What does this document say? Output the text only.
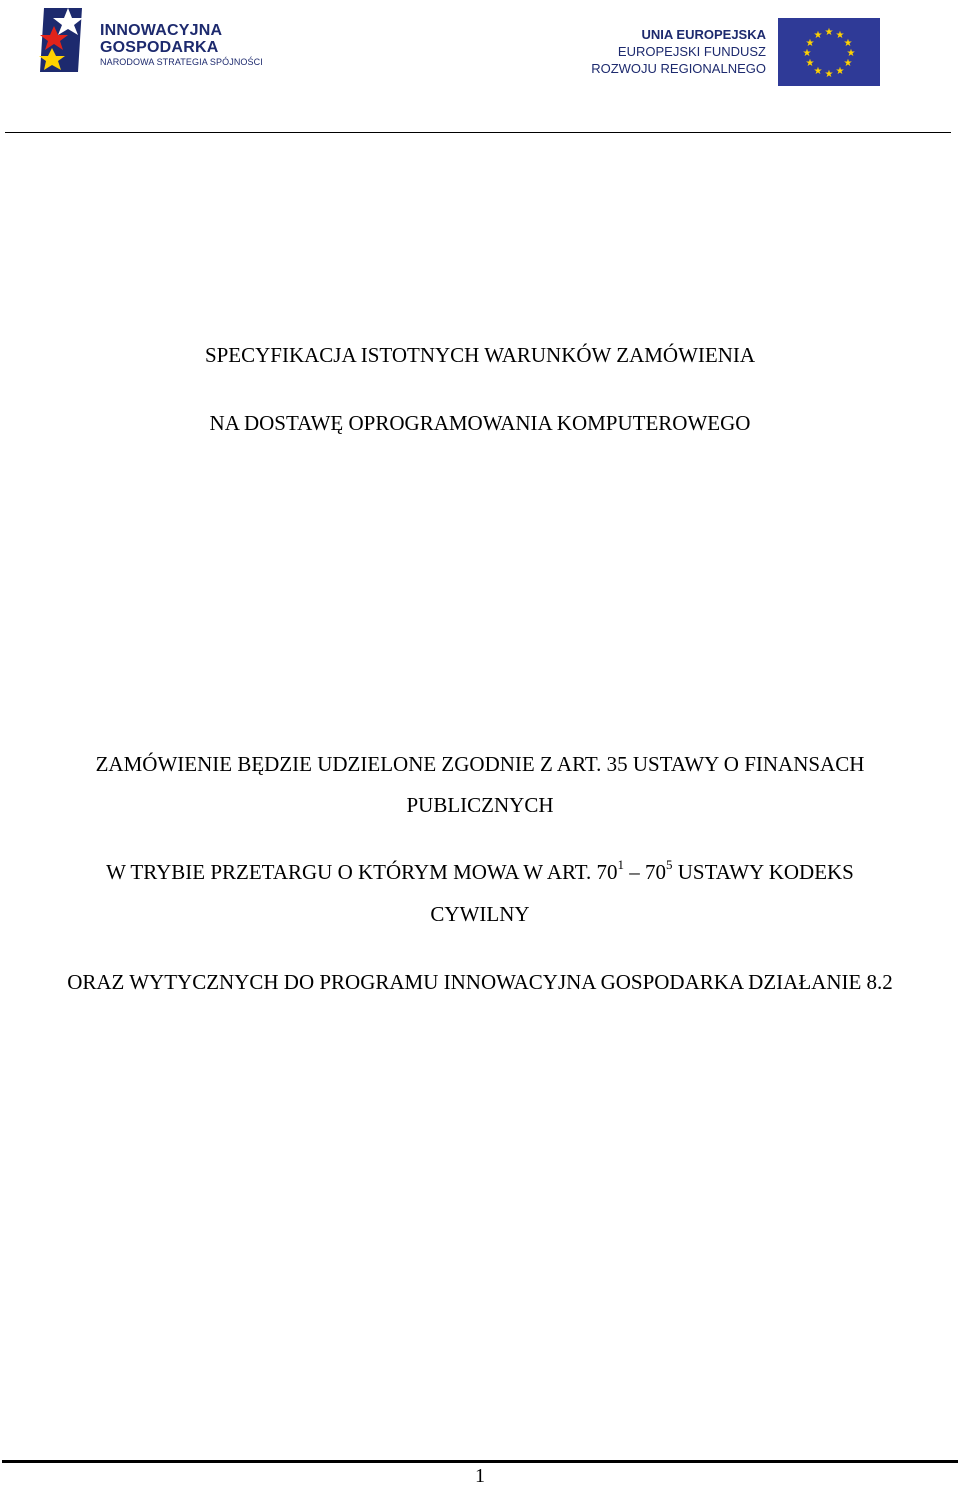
INNOWACYJNA
GOSPODARKA
NARODOWA STRATEGIA SPÓJNOŚCI
UNIA EUROPEJSKA
EUROPEJSKI FUNDUSZ
ROZWOJU REGIONALNEGO
★ ★
★
★
★
★
★
★
★
★
★
★
SPECYFIKACJA ISTOTNYCH WARUNKÓW ZAMÓWIENIA
NA DOSTAWĘ OPROGRAMOWANIA KOMPUTEROWEGO
ZAMÓWIENIE BĘDZIE UDZIELONE ZGODNIE Z ART. 35 USTAWY O FINANSACH
PUBLICZNYCH
W TRYBIE PRZETARGU O KTÓRYM MOWA W ART. $70^1 - 70^5$ USTAWY KODEKS
CYWILNY
ORAZ WYTYCZNYCH DO PROGRAMU INNOWACYJNA GOSPODARKA DZIAŁANIE 8.2
1
